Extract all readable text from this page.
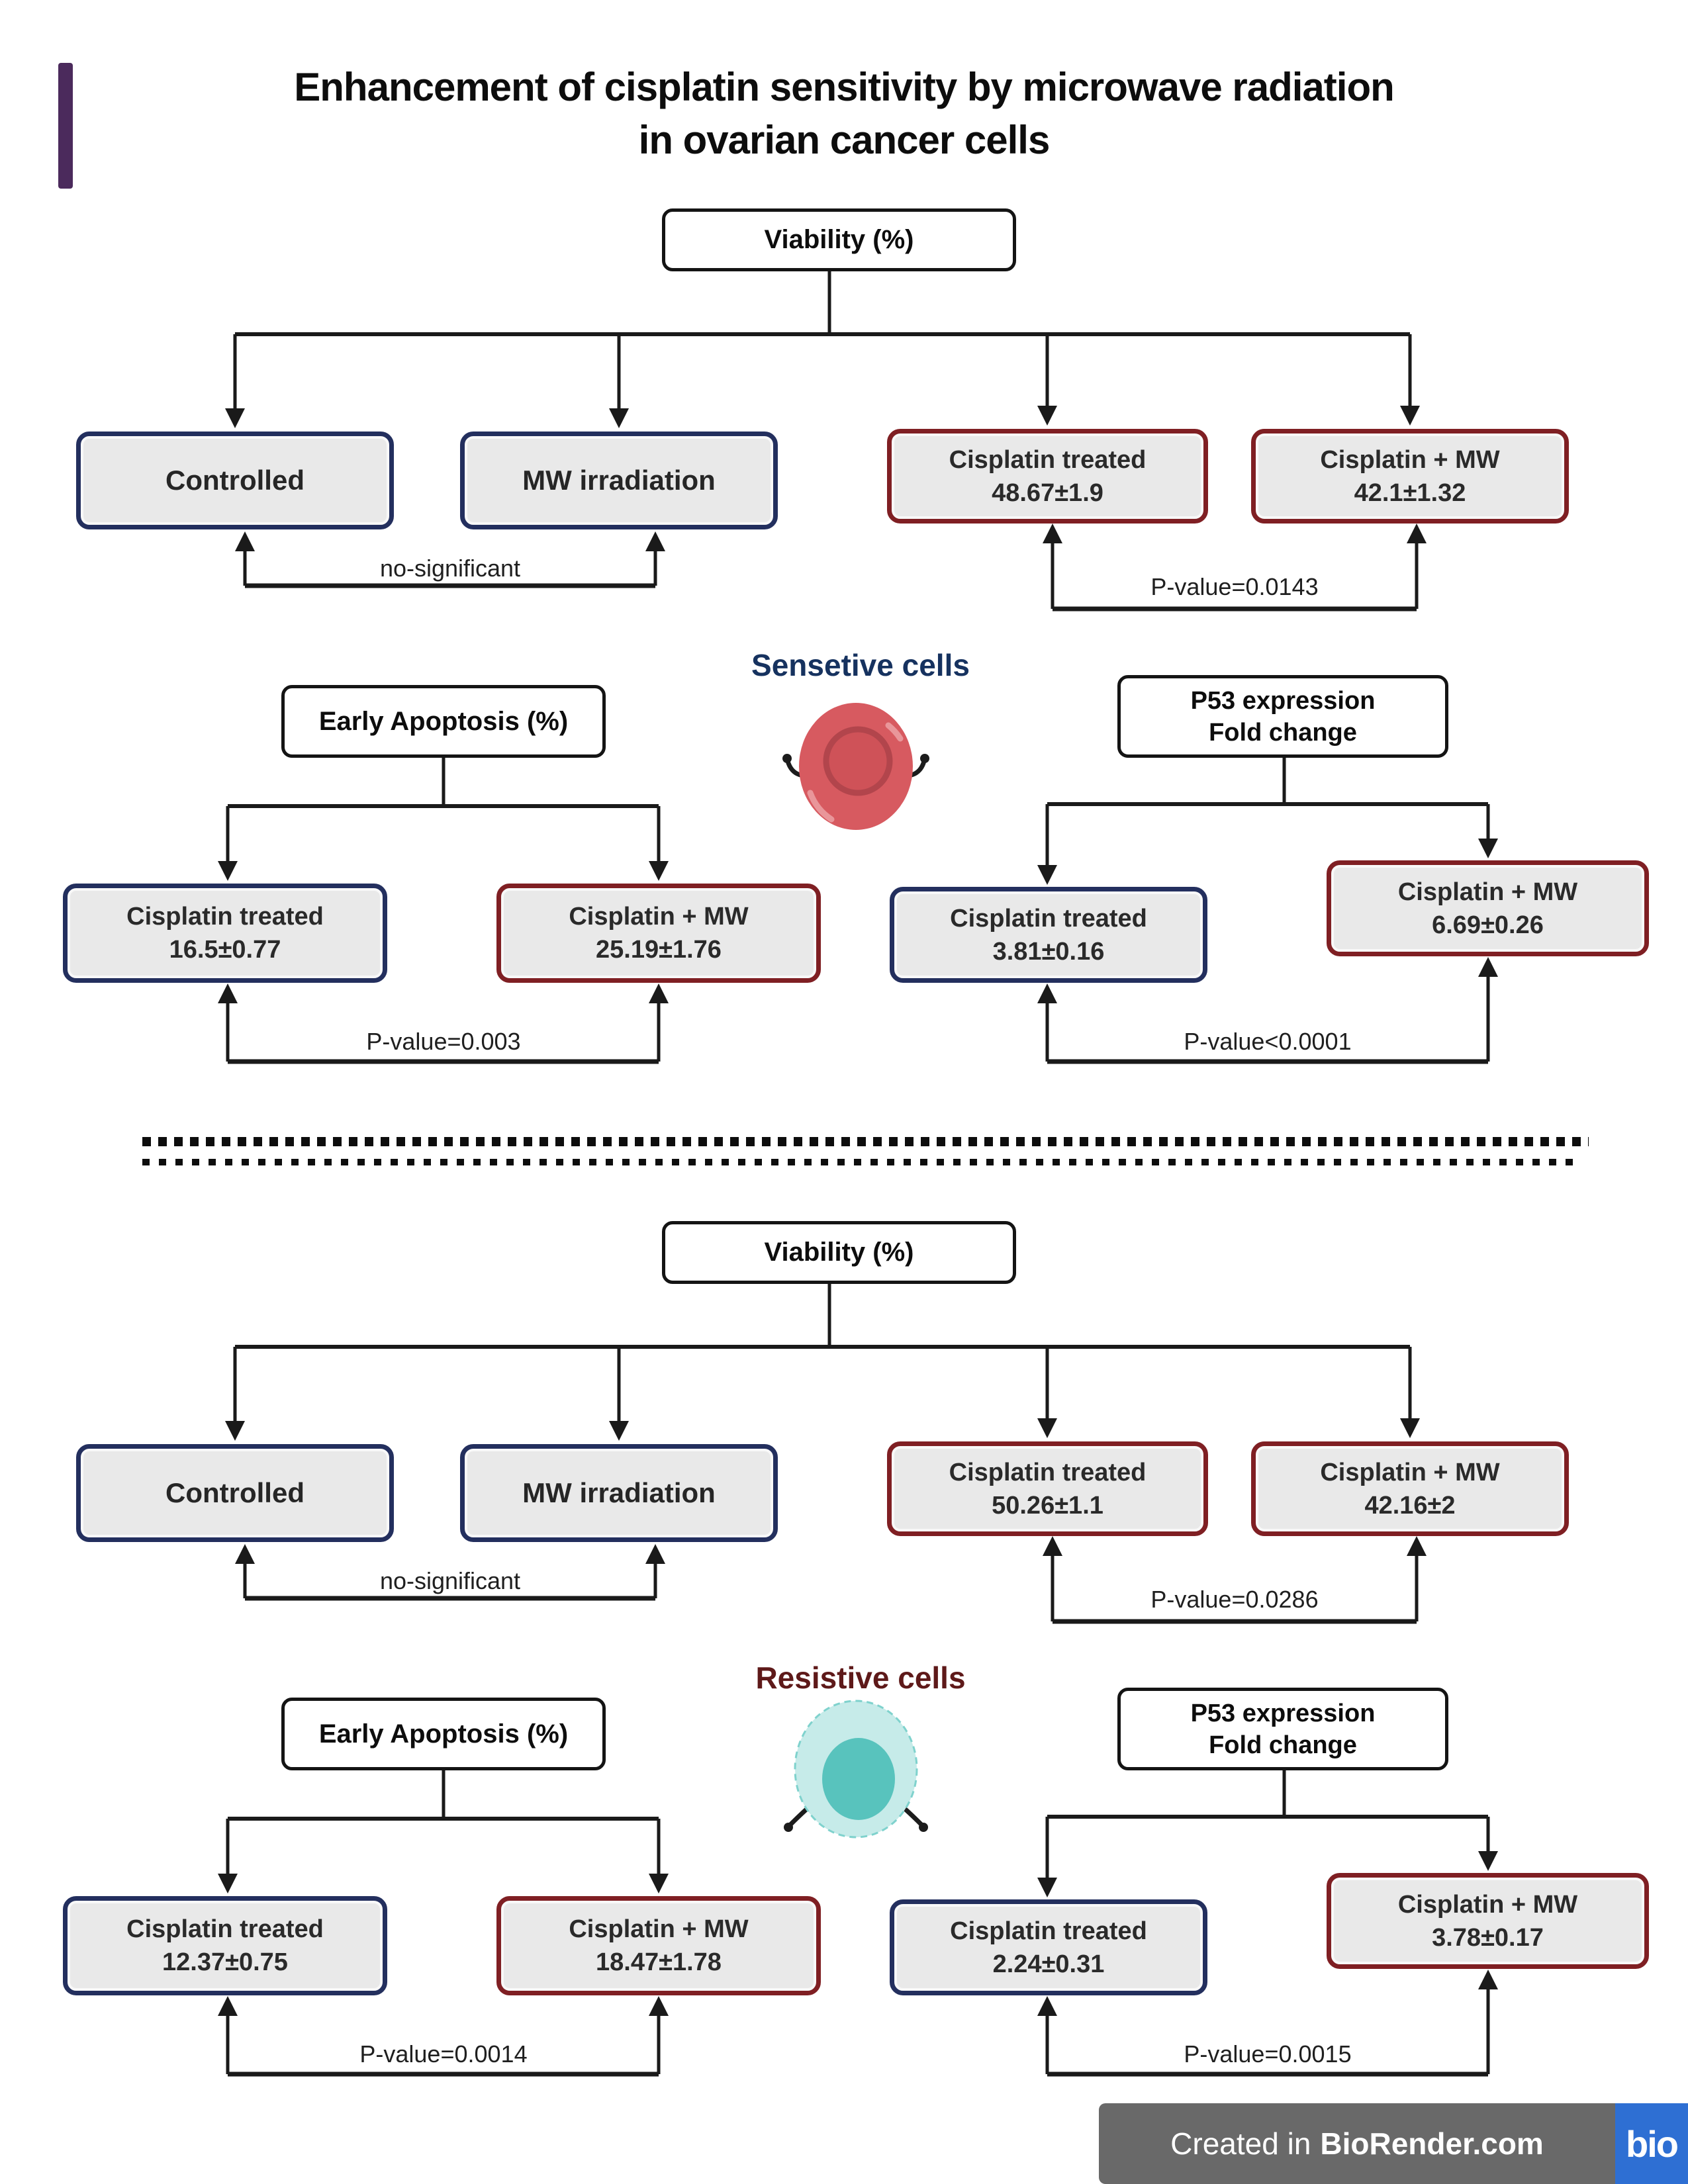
Enhancement of cisplatin sensitivity by microwave radiation
in ovarian cancer cells
Viability (%)
Controlled	MW irradiation
Cisplatin treated
48.67±1.9
Cisplatin + MW
42.1±1.32
no-significant
P-value=0.0143
Sensetive cells
Early Apoptosis (%)
P53 expression
Fold change
Cisplatin treated
16.5±0.77
Cisplatin + MW
25.19±1.76
Cisplatin treated
3.81±0.16
Cisplatin + MW
6.69±0.26
P-value=0.003	P-value<0.0001
Viability (%)
Controlled	MW irradiation
Cisplatin treated
50.26±1.1
Cisplatin + MW
42.16±2
no-significant
P-value=0.0286
Resistive cells
Early Apoptosis (%)
P53 expression
Fold change
Cisplatin treated
12.37±0.75
Cisplatin + MW
18.47±1.78
Cisplatin treated
2.24±0.31
Cisplatin + MW
3.78±0.17
P-value=0.0014	P-value=0.0015
Created in BioRender.com bio
